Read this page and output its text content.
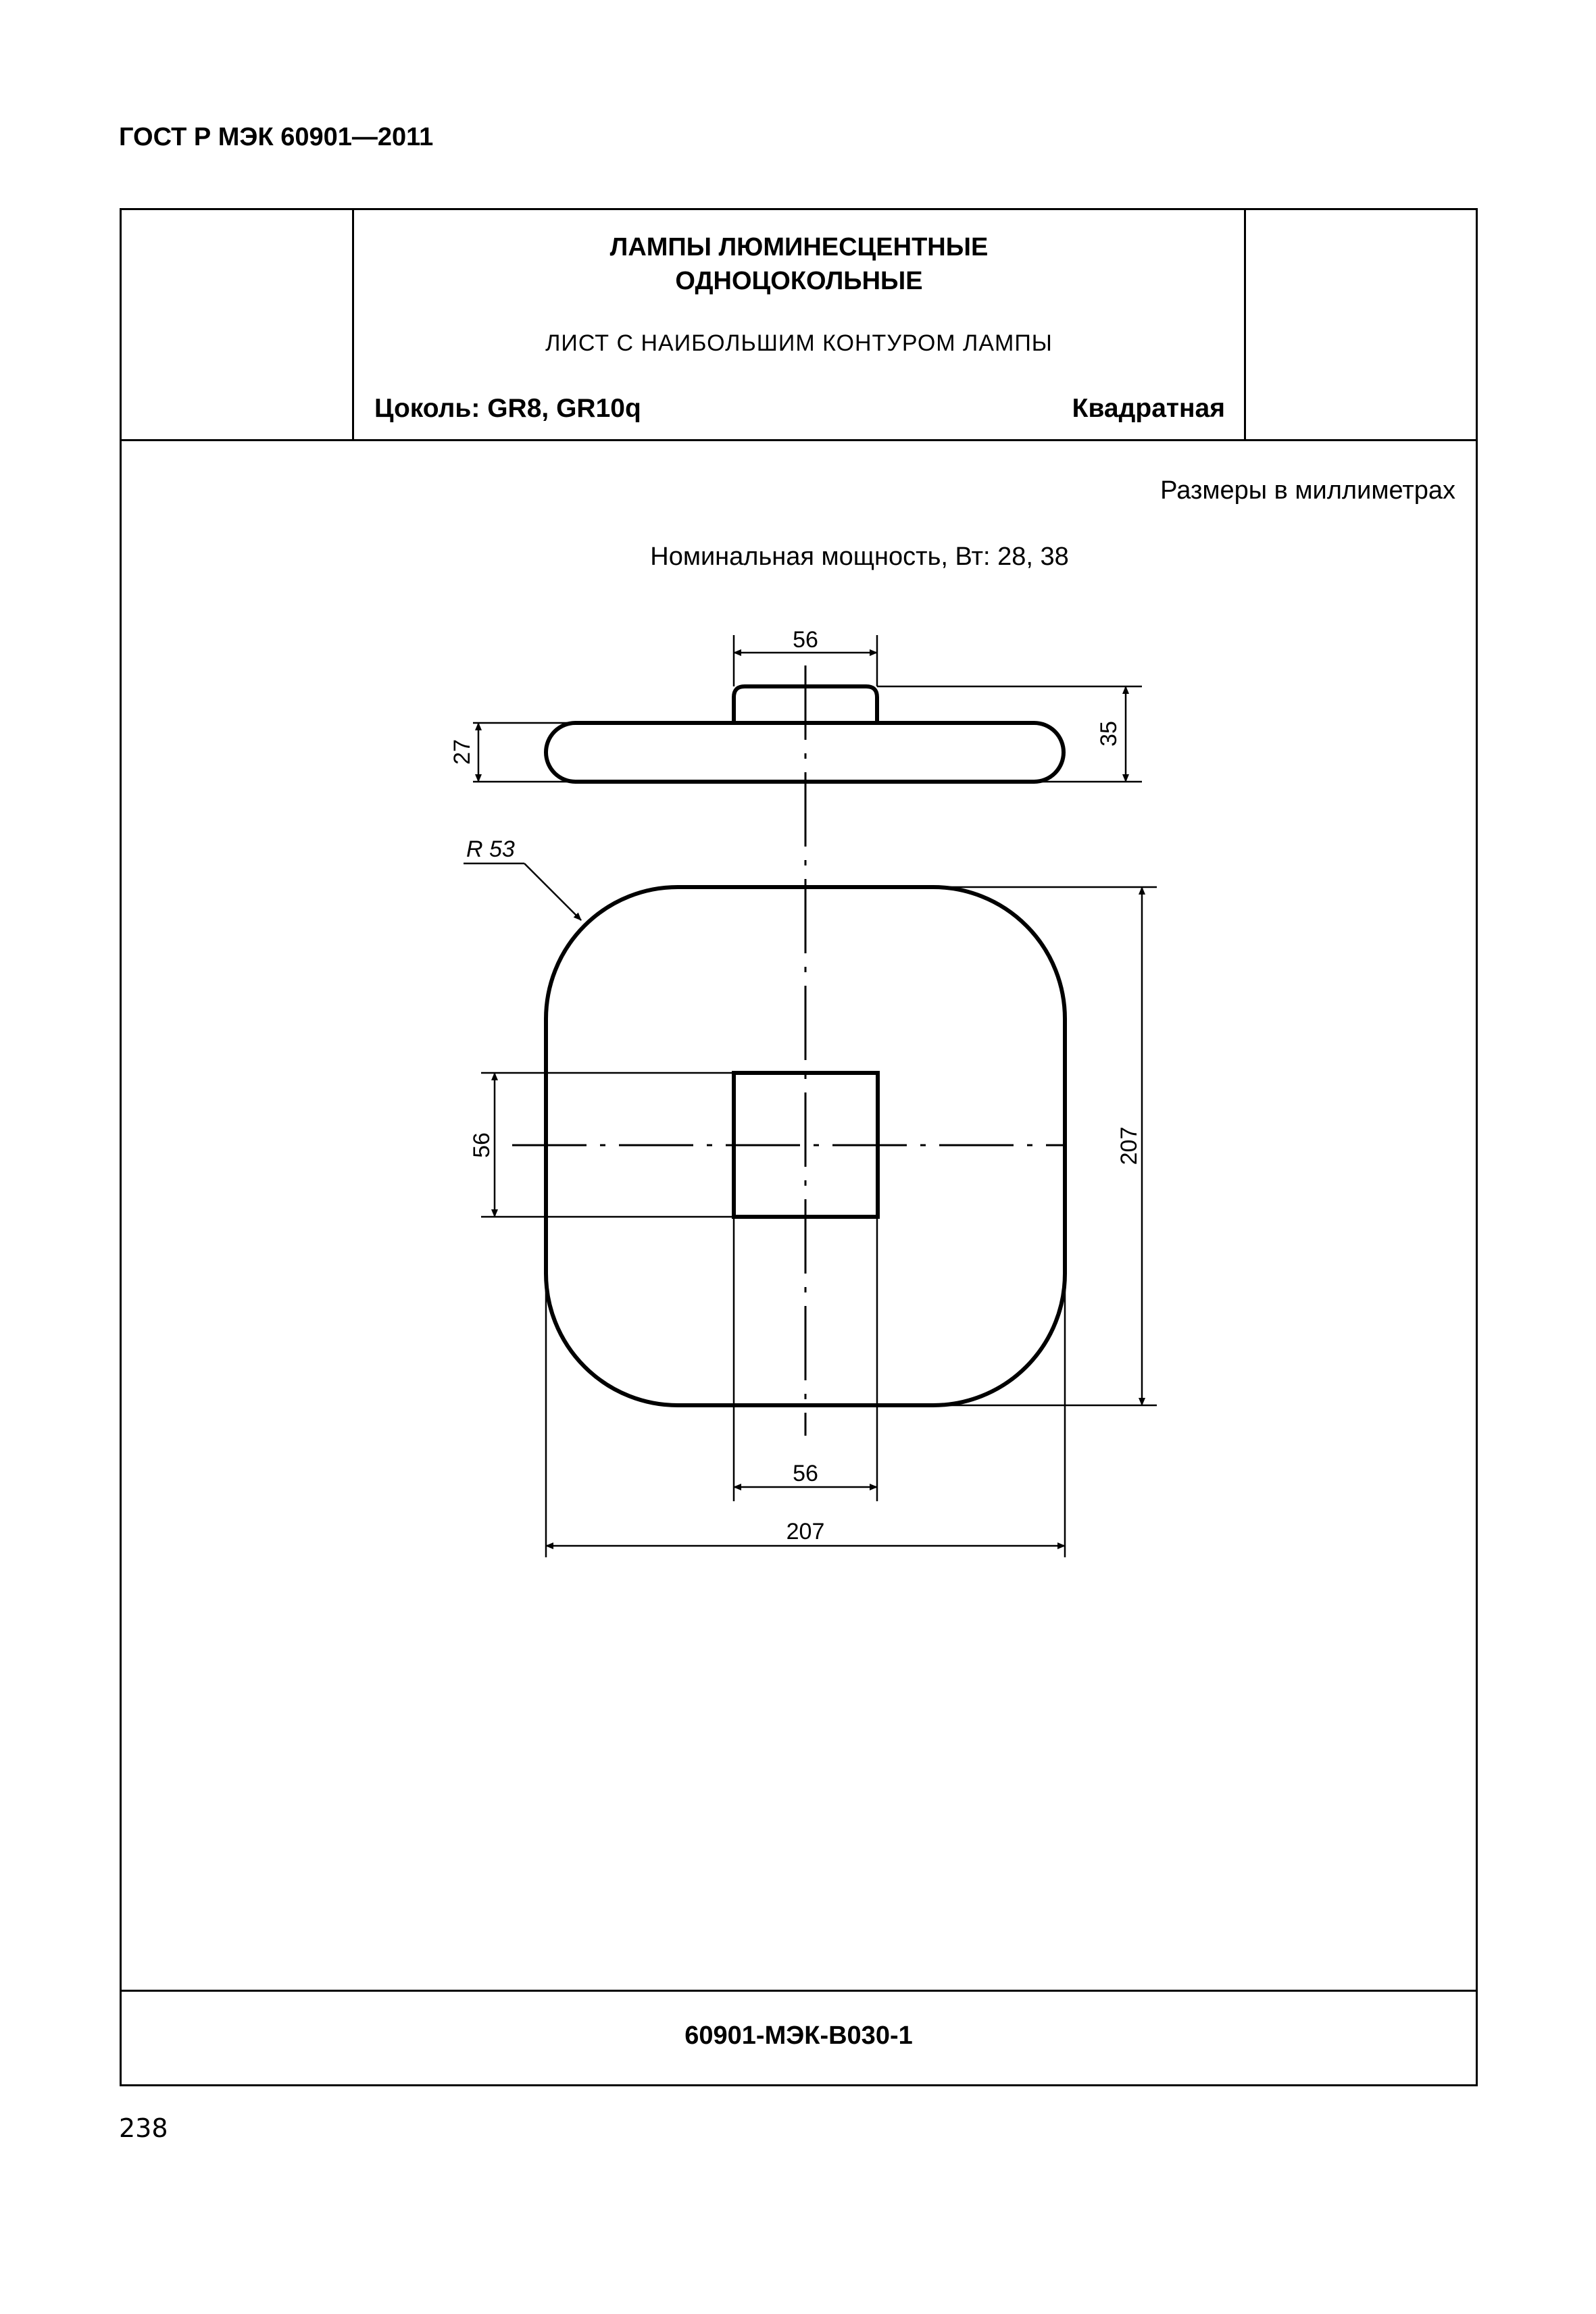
ГОСТ Р МЭК 60901—2011
ЛАМПЫ ЛЮМИНЕСЦЕНТНЫЕ
ОДНОЦОКОЛЬНЫЕ
ЛИСТ С НАИБОЛЬШИМ КОНТУРОМ ЛАМПЫ
Цоколь: GR8, GR10q	Квадратная
Размеры в миллиметрах
Номинальная мощность, Вт: 28, 38
60901-МЭК-В030-1
56
27
35
R 53
56	207
56
207
238
